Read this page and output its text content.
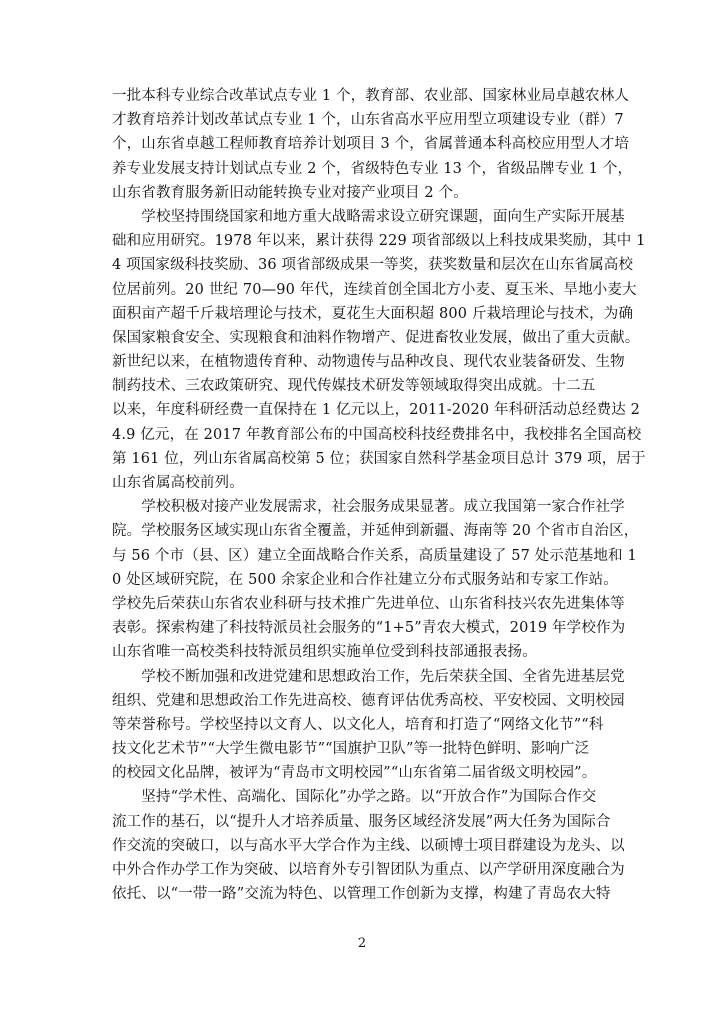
一批本科专业综合改革试点专业 1 个，教育部、农业部、国家林业局卓越农林人
才教育培养计划改革试点专业 1 个，山东省高水平应用型立项建设专业（群）7
个，山东省卓越工程师教育培养计划项目 3 个，省属普通本科高校应用型人才培
养专业发展支持计划试点专业 2 个，省级特色专业 13 个，省级品牌专业 1 个，
山东省教育服务新旧动能转换专业对接产业项目 2 个。
　　学校坚持围绕国家和地方重大战略需求设立研究课题，面向生产实际开展基
础和应用研究。1978 年以来，累计获得 229 项省部级以上科技成果奖励，其中 1
4 项国家级科技奖励、36 项省部级成果一等奖，获奖数量和层次在山东省属高校
位居前列。20 世纪 70—90 年代，连续首创全国北方小麦、夏玉米、旱地小麦大
面积亩产超千斤栽培理论与技术，夏花生大面积超 800 斤栽培理论与技术，为确
保国家粮食安全、实现粮食和油料作物增产、促进畜牧业发展，做出了重大贡献。
新世纪以来，在植物遗传育种、动物遗传与品种改良、现代农业装备研发、生物
制药技术、三农政策研究、现代传媒技术研发等领域取得突出成就。十二五
以来，年度科研经费一直保持在 1 亿元以上，2011-2020 年科研活动总经费达 2
4.9 亿元，在 2017 年教育部公布的中国高校科技经费排名中，我校排名全国高校
第 161 位，列山东省属高校第 5 位；获国家自然科学基金项目总计 379 项，居于
山东省属高校前列。
　　学校积极对接产业发展需求，社会服务成果显著。成立我国第一家合作社学
院。学校服务区域实现山东省全覆盖，并延伸到新疆、海南等 20 个省市自治区，
与 56 个市（县、区）建立全面战略合作关系，高质量建设了 57 处示范基地和 1
0 处区域研究院，在 500 余家企业和合作社建立分布式服务站和专家工作站。
学校先后荣获山东省农业科研与技术推广先进单位、山东省科技兴农先进集体等
表彰。探索构建了科技特派员社会服务的“1+5”青农大模式，2019 年学校作为
山东省唯一高校类科技特派员组织实施单位受到科技部通报表扬。
　　学校不断加强和改进党建和思想政治工作，先后荣获全国、全省先进基层党
组织、党建和思想政治工作先进高校、德育评估优秀高校、平安校园、文明校园
等荣誉称号。学校坚持以文育人、以文化人，培育和打造了“网络文化节”“科
技文化艺术节”“大学生微电影节”“国旗护卫队”等一批特色鲜明、影响广泛
的校园文化品牌，被评为“青岛市文明校园”“山东省第二届省级文明校园”。
　　坚持“学术性、高端化、国际化”办学之路。以“开放合作”为国际合作交
流工作的基石，以“提升人才培养质量、服务区域经济发展”两大任务为国际合
作交流的突破口，以与高水平大学合作为主线、以硕博士项目群建设为龙头、以
中外合作办学工作为突破、以培育外专引智团队为重点、以产学研用深度融合为
依托、以“一带一路”交流为特色、以管理工作创新为支撑，构建了青岛农大特
2
